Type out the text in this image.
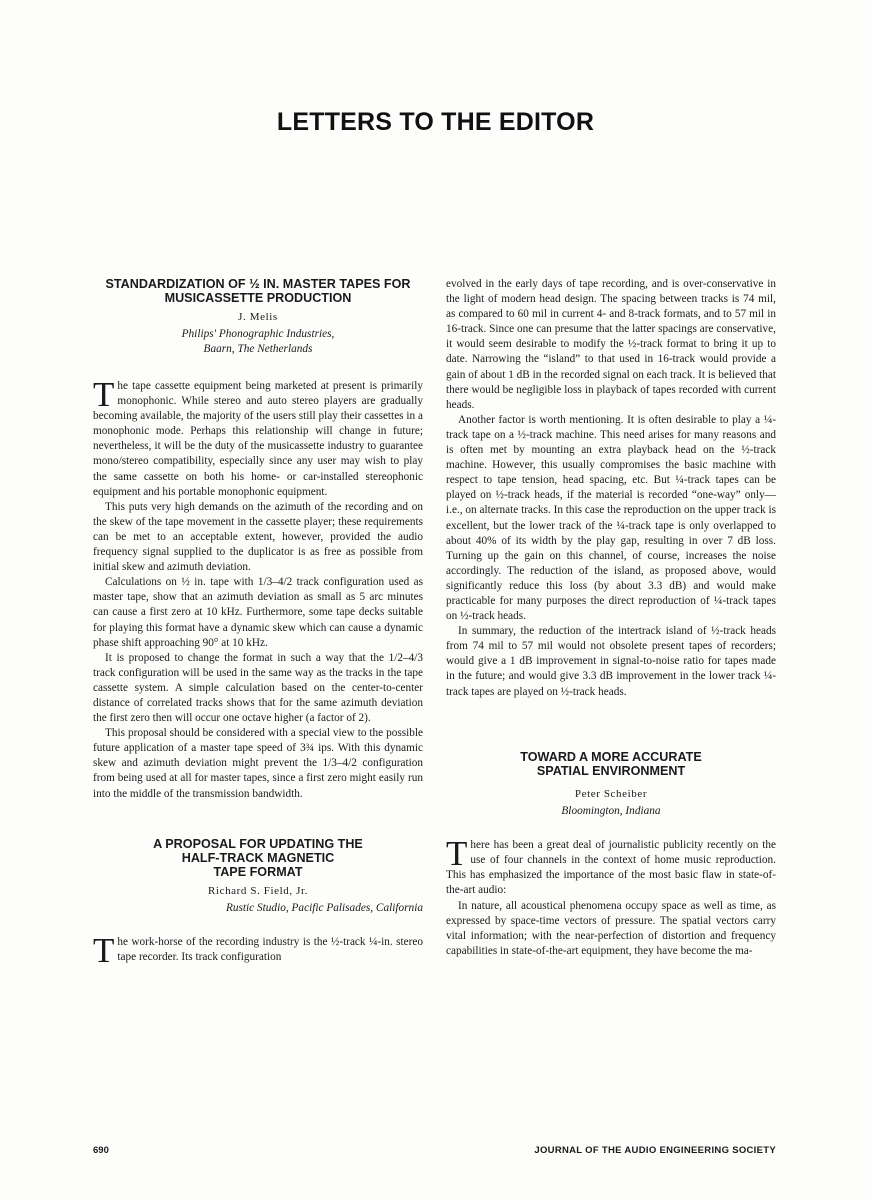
LETTERS TO THE EDITOR
STANDARDIZATION OF ½ IN. MASTER TAPES FOR MUSICASSETTE PRODUCTION

J. Melis

Philips' Phonographic Industries,
Baarn, The Netherlands

The tape cassette equipment being marketed at present is primarily monophonic. While stereo and auto stereo players are gradually becoming available, the majority of the users still play their cassettes in a monophonic mode. Perhaps this relationship will change in future; nevertheless, it will be the duty of the musicassette industry to guarantee mono/stereo compatibility, especially since any user may wish to play the same cassette on both his home- or car-installed stereophonic equipment and his portable monophonic equipment.

This puts very high demands on the azimuth of the recording and on the skew of the tape movement in the cassette player; these requirements can be met to an acceptable extent, however, provided the audio frequency signal supplied to the duplicator is as free as possible from initial skew and azimuth deviation.

Calculations on ½ in. tape with 1/3–4/2 track configuration used as master tape, show that an azimuth deviation as small as 5 arc minutes can cause a first zero at 10 kHz. Furthermore, some tape decks suitable for playing this format have a dynamic skew which can cause a dynamic phase shift approaching 90° at 10 kHz.

It is proposed to change the format in such a way that the 1/2–4/3 track configuration will be used in the same way as the tracks in the tape cassette system. A simple calculation based on the center-to-center distance of correlated tracks shows that for the same azimuth deviation the first zero then will occur one octave higher (a factor of 2).

This proposal should be considered with a special view to the possible future application of a master tape speed of 3¾ ips. With this dynamic skew and azimuth deviation might prevent the 1/3–4/2 configuration from being used at all for master tapes, since a first zero might easily run into the middle of the transmission bandwidth.

A PROPOSAL FOR UPDATING THE
HALF-TRACK MAGNETIC
TAPE FORMAT

Richard S. Field, Jr.

Rustic Studio, Pacific Palisades, California

The work-horse of the recording industry is the ½-track ¼-in. stereo tape recorder. Its track configuration

evolved in the early days of tape recording, and is over-conservative in the light of modern head design. The spacing between tracks is 74 mil, as compared to 60 mil in current 4- and 8-track formats, and to 57 mil in 16-track. Since one can presume that the latter spacings are conservative, it would seem desirable to modify the ½-track format to bring it up to date. Narrowing the “island” to that used in 16-track would provide a gain of about 1 dB in the recorded signal on each track. It is believed that there would be negligible loss in playback of tapes recorded with current heads.

Another factor is worth mentioning. It is often desirable to play a ¼-track tape on a ½-track machine. This need arises for many reasons and is often met by mounting an extra playback head on the ½-track machine. However, this usually compromises the basic machine with respect to tape tension, head spacing, etc. But ¼-track tapes can be played on ½-track heads, if the material is recorded “one-way” only—i.e., on alternate tracks. In this case the reproduction on the upper track is excellent, but the lower track of the ¼-track tape is only overlapped to about 40% of its width by the play gap, resulting in over 7 dB loss. Turning up the gain on this channel, of course, increases the noise accordingly. The reduction of the island, as proposed above, would significantly reduce this loss (by about 3.3 dB) and would make practicable for many purposes the direct reproduction of ¼-track tapes on ½-track heads.

In summary, the reduction of the intertrack island of ½-track heads from 74 mil to 57 mil would not obsolete present tapes of recorders; would give a 1 dB improvement in signal-to-noise ratio for tapes made in the future; and would give 3.3 dB improvement in the lower track ¼-track tapes are played on ½-track heads.

TOWARD A MORE ACCURATE
SPATIAL ENVIRONMENT

Peter Scheiber

Bloomington, Indiana

There has been a great deal of journalistic publicity recently on the use of four channels in the context of home music reproduction. This has emphasized the importance of the most basic flaw in state-of-the-art audio:

In nature, all acoustical phenomena occupy space as well as time, as expressed by space-time vectors of pressure. The spatial vectors carry vital information; with the near-perfection of distortion and frequency capabilities in state-of-the-art equipment, they have become the ma-

690	JOURNAL OF THE AUDIO ENGINEERING SOCIETY
